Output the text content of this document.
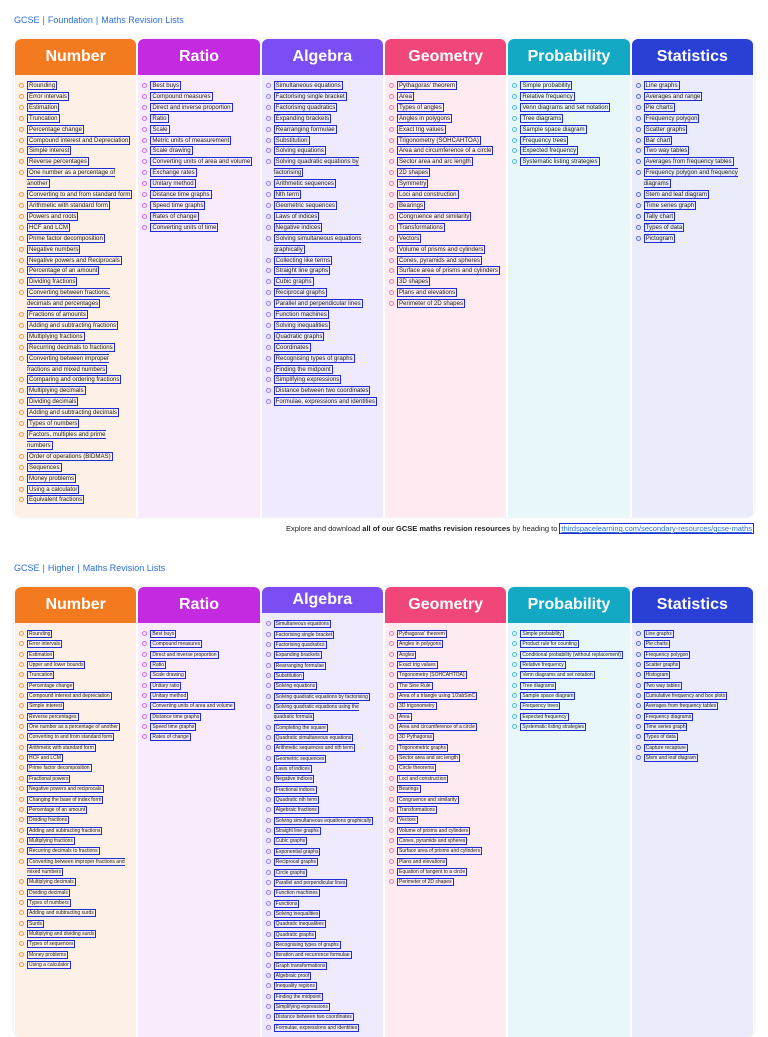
GCSE | Foundation | Maths Revision Lists
Number
Rounding
Error intervals
Estimation
Truncation
Percentage change
Compound interest and Depreciation
Simple interest
Reverse percentages
One number as a percentage of another
Converting to and from standard form
Arithmetic with standard form
Powers and roots
HCF and LCM
Prime factor decomposition
Negative numbers
Negative powers and Reciprocals
Percentage of an amount
Dividing fractions
Converting between fractions, decimals and percentages
Fractions of amounts
Adding and subtracting fractions
Multiplying fractions
Recurring decimals to fractions
Converting between improper fractions and mixed numbers
Comparing and ordering fractions
Multiplying decimals
Dividing decimals
Adding and subtracting decimals
Types of numbers
Factors, multiples and prime numbers
Order of operations (BIDMAS)
Sequences
Money problems
Using a calculator
Equivalent fractions
Ratio
Best buys
Compound measures
Direct and inverse proportion
Ratio
Scale
Metric units of measurement
Scale drawing
Converting units of area and volume
Exchange rates
Unitary method
Distance time graphs
Speed time graphs
Rates of change
Converting units of time
Algebra
Simultaneous equations
Factorising single bracket
Factorising quadratics
Expanding brackets
Rearranging formulae
Substitution
Solving equations
Solving quadratic equations by factorising
Arithmetic sequences
Nth term
Geometric sequences
Laws of indices
Negative indices
Solving simultaneous equations graphically
Collecting like terms
Straight line graphs
Cubic graphs
Reciprocal graphs
Parallel and perpendicular lines
Function machines
Solving inequalities
Quadratic graphs
Coordinates
Recognising types of graphs
Finding the midpoint
Simplifying expressions
Distance between two coordinates
Formulae, expressions and identities
Geometry
Pythagoras' theorem
Area
Types of angles
Angles in polygons
Exact trig values
Trigonometry (SOHCAHTOA)
Area and circumference of a circle
Sector area and arc length
2D shapes
Symmetry
Loci and construction
Bearings
Congruence and similarity
Transformations
Vectors
Volume of prisms and cylinders
Cones, pyramids and spheres
Surface area of prisms and cylinders
3D shapes
Plans and elevations
Perimeter of 2D shapes
Probability
Simple probability
Relative frequency
Venn diagrams and set notation
Tree diagrams
Sample space diagram
Frequency trees
Expected frequency
Systematic listing strategies
Statistics
Line graphs
Averages and range
Pie charts
Frequency polygon
Scatter graphs
Bar chart
Two way tables
Averages from frequency tables
Frequency polygon and frequency diagrams
Stem and leaf diagram
Time series graph
Tally chart
Types of data
Pictogram
Explore and download all of our GCSE maths revision resources by heading to thirdspacelearning.com/secondary-resources/gcse-maths
GCSE | Higher | Maths Revision Lists
Number
Rounding
Error intervals
Estimation
Upper and lower bounds
Truncation
Percentage change
Compound interest and depreciation
Simple interest
Reverse percentages
One number as a percentage of another
Converting to and from standard form
Arithmetic with standard form
HCF and LCM
Prime factor decomposition
Fractional powers
Negative powers and reciprocals
Changing the base of index form
Percentage of an amount
Dividing fractions
Adding and subtracting fractions
Multiplying fractions
Recurring decimals to fractions
Converting between improper fractions and mixed numbers
Multiplying decimals
Dividing decimals
Types of numbers
Adding and subtracting surds
Surds
Multiplying and dividing surds
Types of sequences
Money problems
Using a calculator
Ratio
Best buys
Compound measures
Direct and inverse proportion
Ratio
Scale drawing
Unitary ratio
Unitary method
Converting units of area and volume
Distance time graphs
Speed time graphs
Rates of change
Algebra
Simultaneous equations
Factorising single bracket
Factorising quadratics
Expanding brackets
Rearranging formulae
Substitution
Solving equations
Solving quadratic equations by factorising
Solving quadratic equations using the quadratic formula
Completing the square
Quadratic simultaneous equations
Arithmetic sequences and nth term
Geometric sequences
Laws of indices
Negative indices
Fractional indices
Quadratic nth term
Algebraic fractions
Solving simultaneous equations graphically
Straight line graphs
Cubic graphs
Exponential graphs
Reciprocal graphs
Circle graphs
Parallel and perpendicular lines
Function machines
Functions
Solving inequalities
Quadratic inequalities
Quadratic graphs
Recognising types of graphs
Iteration and recurrence formulae
Graph transformations
Algebraic proof
Inequality regions
Finding the midpoint
Simplifying expressions
Distance between two coordinates
Formulae, expressions and identities
Geometry
Pythagoras' theorem
Angles in polygons
Angles
Exact trig values
Trigonometry (SOHCAHTOA)
The Sine Rule
Area of a triangle using 1/2abSinC
3D trigonometry
Area
Area and circumference of a circle
3D Pythagoras
Trigonometric graphs
Sector area and arc length
Circle theorems
Loci and construction
Bearings
Congruence and similarity
Transformations
Vectors
Volume of prisms and cylinders
Cones, pyramids and spheres
Surface area of prisms and cylinders
Plans and elevations
Equation of tangent to a circle
Perimeter of 2D shapes
Probability
Simple probability
Product rule for counting
Conditional probability (without replacement)
Relative frequency
Venn diagrams and set notation
Tree diagrams
Sample space diagram
Frequency trees
Expected frequency
Systematic listing strategies
Statistics
Line graphs
Pie charts
Frequency polygon
Scatter graphs
Histogram
Two way tables
Cumulative frequency and box plots
Averages from frequency tables
Frequency diagrams
Time series graph
Types of data
Capture recapture
Stem and leaf diagram
